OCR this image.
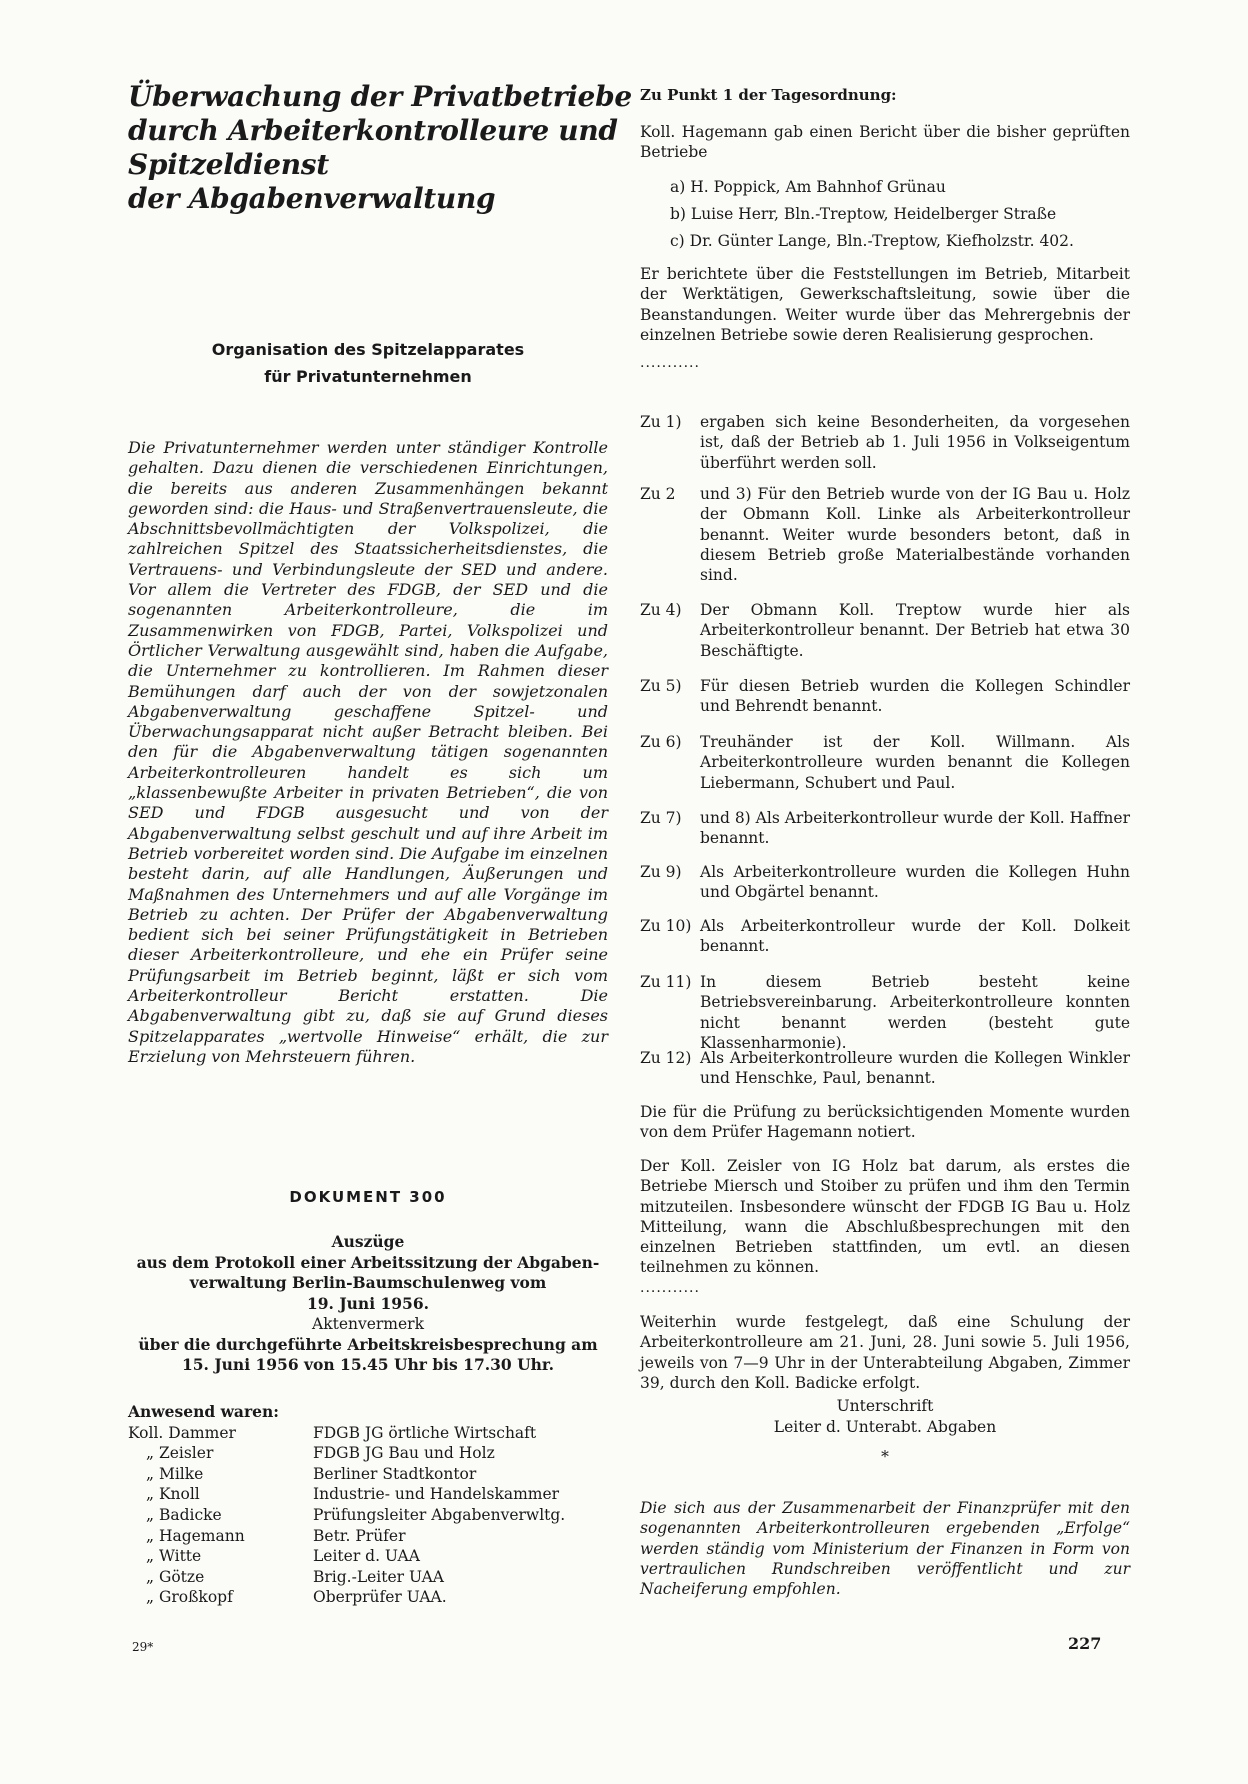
Überwachung der Privatbetriebe
durch Arbeiterkontrolleure und
Spitzeldienst
der Abgabenverwaltung
Organisation des Spitzelapparates
für Privatunternehmen
Die Privatunternehmer werden unter ständiger Kontrolle gehalten. Dazu dienen die verschiedenen Einrichtungen, die bereits aus anderen Zusammenhängen bekannt geworden sind: die Haus- und Straßenvertrauensleute, die Abschnittsbevollmächtigten der Volkspolizei, die zahlreichen Spitzel des Staatssicherheitsdienstes, die Vertrauens- und Verbindungsleute der SED und andere. Vor allem die Vertreter des FDGB, der SED und die sogenannten Arbeiterkontrolleure, die im Zusammenwirken von FDGB, Partei, Volkspolizei und Örtlicher Verwaltung ausgewählt sind, haben die Aufgabe, die Unternehmer zu kontrollieren. Im Rahmen dieser Bemühungen darf auch der von der sowjetzonalen Abgabenverwaltung geschaffene Spitzel- und Überwachungsapparat nicht außer Betracht bleiben. Bei den für die Abgabenverwaltung tätigen sogenannten Arbeiterkontrolleuren handelt es sich um „klassenbewußte Arbeiter in privaten Betrieben“, die von SED und FDGB ausgesucht und von der Abgabenverwaltung selbst geschult und auf ihre Arbeit im Betrieb vorbereitet worden sind. Die Aufgabe im einzelnen besteht darin, auf alle Handlungen, Äußerungen und Maßnahmen des Unternehmers und auf alle Vorgänge im Betrieb zu achten. Der Prüfer der Abgabenverwaltung bedient sich bei seiner Prüfungstätigkeit in Betrieben dieser Arbeiterkontrolleure, und ehe ein Prüfer seine Prüfungsarbeit im Betrieb beginnt, läßt er sich vom Arbeiterkontrolleur Bericht erstatten. Die Abgabenverwaltung gibt zu, daß sie auf Grund dieses Spitzelapparates „wertvolle Hinweise“ erhält, die zur Erzielung von Mehrsteuern führen.
DOKUMENT 300
Auszüge
aus dem Protokoll einer Arbeitssitzung der Abgaben-
verwaltung Berlin-Baumschulenweg vom
19. Juni 1956.
Aktenvermerk
über die durchgeführte Arbeitskreisbesprechung am
15. Juni 1956 von 15.45 Uhr bis 17.30 Uhr.
Anwesend waren:
Koll. Dammer	FDGB JG örtliche Wirtschaft
„ Zeisler	FDGB JG Bau und Holz
„ Milke	Berliner Stadtkontor
„ Knoll	Industrie- und Handelskammer
„ Badicke	Prüfungsleiter Abgabenverwltg.
„ Hagemann	Betr. Prüfer
„ Witte	Leiter d. UAA
„ Götze	Brig.-Leiter UAA
„ Großkopf	Oberprüfer UAA.
29*
Zu Punkt 1 der Tagesordnung:
Koll. Hagemann gab einen Bericht über die bisher geprüften Betriebe
a) H. Poppick, Am Bahnhof Grünau
b) Luise Herr, Bln.-Treptow, Heidelberger Straße
c) Dr. Günter Lange, Bln.-Treptow, Kiefholzstr. 402.
Er berichtete über die Feststellungen im Betrieb, Mitarbeit der Werktätigen, Gewerkschaftsleitung, sowie über die Beanstandungen. Weiter wurde über das Mehrergebnis der einzelnen Betriebe sowie deren Realisierung gesprochen.
...........
Zu 1)	ergaben sich keine Besonderheiten, da vorgesehen ist, daß der Betrieb ab 1. Juli 1956 in Volkseigentum überführt werden soll.
Zu 2	und 3) Für den Betrieb wurde von der IG Bau u. Holz der Obmann Koll. Linke als Arbeiterkontrolleur benannt. Weiter wurde besonders betont, daß in diesem Betrieb große Materialbestände vorhanden sind.
Zu 4)	Der Obmann Koll. Treptow wurde hier als Arbeiterkontrolleur benannt. Der Betrieb hat etwa 30 Beschäftigte.
Zu 5)	Für diesen Betrieb wurden die Kollegen Schindler und Behrendt benannt.
Zu 6)	Treuhänder ist der Koll. Willmann. Als Arbeiterkontrolleure wurden benannt die Kollegen Liebermann, Schubert und Paul.
Zu 7)	und 8) Als Arbeiterkontrolleur wurde der Koll. Haffner benannt.
Zu 9)	Als Arbeiterkontrolleure wurden die Kollegen Huhn und Obgärtel benannt.
Zu 10) Als Arbeiterkontrolleur wurde der Koll. Dolkeit benannt.
Zu 11) In diesem Betrieb besteht keine Betriebsvereinbarung. Arbeiterkontrolleure konnten nicht benannt werden (besteht gute Klassenharmonie).
Zu 12) Als Arbeiterkontrolleure wurden die Kollegen Winkler und Henschke, Paul, benannt.
Die für die Prüfung zu berücksichtigenden Momente wurden von dem Prüfer Hagemann notiert.
Der Koll. Zeisler von IG Holz bat darum, als erstes die Betriebe Miersch und Stoiber zu prüfen und ihm den Termin mitzuteilen. Insbesondere wünscht der FDGB IG Bau u. Holz Mitteilung, wann die Abschlußbesprechungen mit den einzelnen Betrieben stattfinden, um evtl. an diesen teilnehmen zu können.
...........
Weiterhin wurde festgelegt, daß eine Schulung der Arbeiterkontrolleure am 21. Juni, 28. Juni sowie 5. Juli 1956, jeweils von 7—9 Uhr in der Unterabteilung Abgaben, Zimmer 39, durch den Koll. Badicke erfolgt.
Unterschrift
Leiter d. Unterabt. Abgaben
*
Die sich aus der Zusammenarbeit der Finanzprüfer mit den sogenannten Arbeiterkontrolleuren ergebenden „Erfolge“ werden ständig vom Ministerium der Finanzen in Form von vertraulichen Rundschreiben veröffentlicht und zur Nacheiferung empfohlen.
227
